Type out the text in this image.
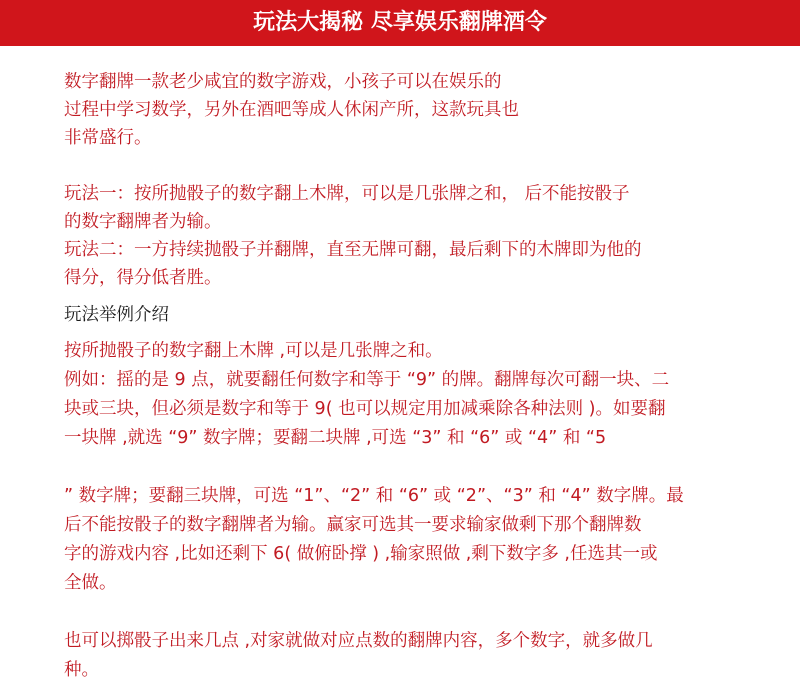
玩法大揭秘 尽享娱乐翻牌酒令
数字翻牌一款老少咸宜的数字游戏，小孩子可以在娱乐的
过程中学习数学，另外在酒吧等成人休闲产所，这款玩具也
非常盛行。
玩法一：按所抛骰子的数字翻上木牌，可以是几张牌之和， 后不能按骰子
的数字翻牌者为输。
玩法二：一方持续抛骰子并翻牌，直至无牌可翻，最后剩下的木牌即为他的
得分，得分低者胜。
玩法举例介绍
按所抛骰子的数字翻上木牌 ,可以是几张牌之和。
例如：摇的是 9 点，就要翻任何数字和等于 “9” 的牌。翻牌每次可翻一块、二
块或三块，但必须是数字和等于 9( 也可以规定用加减乘除各种法则 )。如要翻
一块牌 ,就选 “9” 数字牌；要翻二块牌 ,可选 “3” 和 “6” 或 “4” 和 “5
” 数字牌；要翻三块牌，可选 “1”、“2” 和 “6” 或 “2”、“3” 和 “4” 数字牌。最
后不能按骰子的数字翻牌者为输。赢家可选其一要求输家做剩下那个翻牌数
字的游戏内容 ,比如还剩下 6( 做俯卧撑 ) ,输家照做 ,剩下数字多 ,任选其一或
全做。
也可以掷骰子出来几点 ,对家就做对应点数的翻牌内容，多个数字，就多做几
种。
